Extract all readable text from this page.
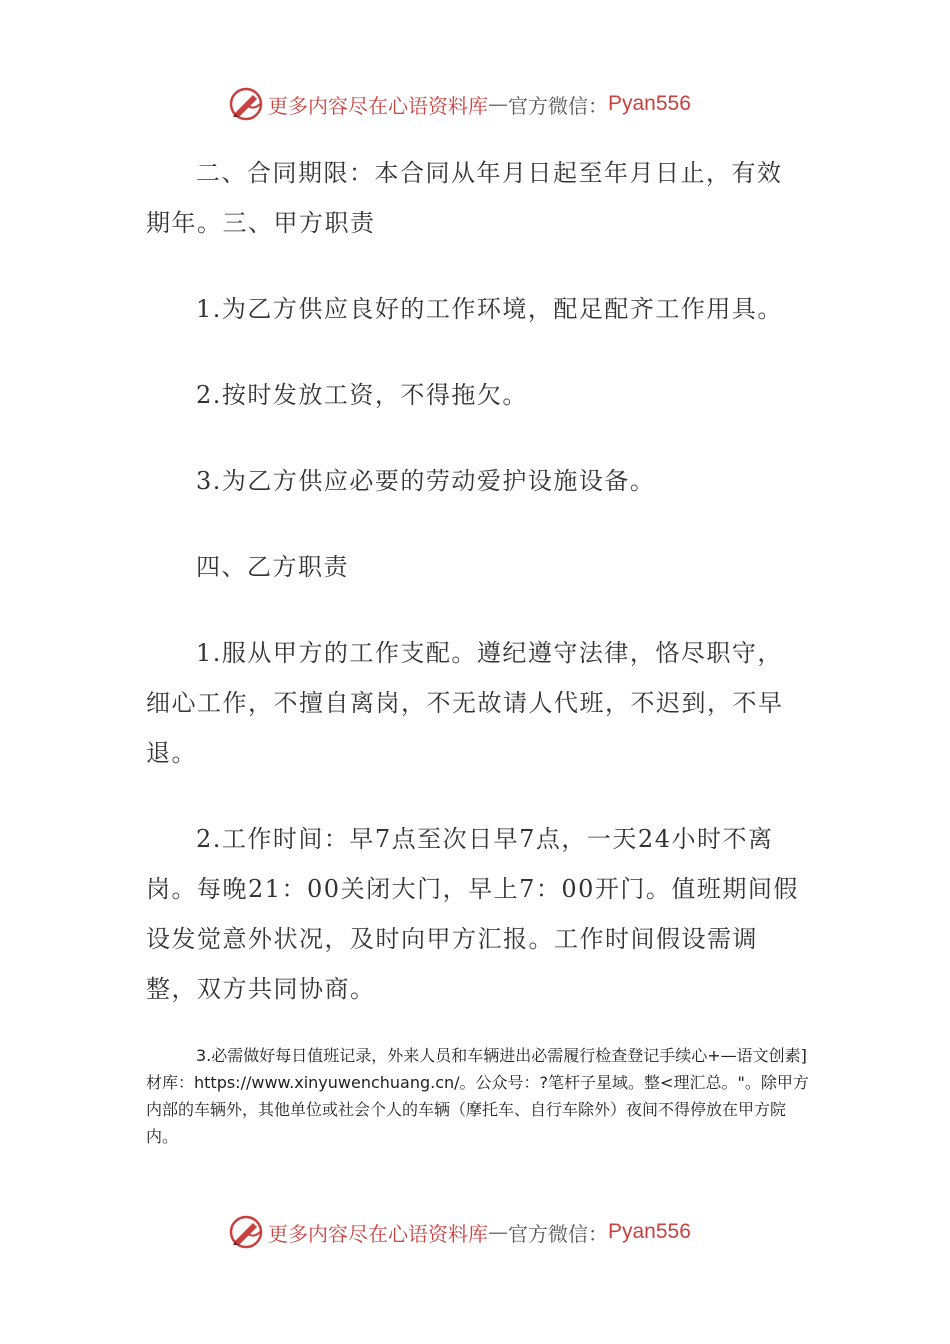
更多内容尽在心语资料库 — 官方微信： Pyan556

二、合同期限：本合同从年月日起至年月日止，有效期年。三、甲方职责

1.为乙方供应良好的工作环境，配足配齐工作用具。

2.按时发放工资，不得拖欠。

3.为乙方供应必要的劳动爱护设施设备。

四、乙方职责

1.服从甲方的工作支配。遵纪遵守法律，恪尽职守，细心工作，不擅自离岗，不无故请人代班，不迟到，不早退。

2.工作时间：早7点至次日早7点，一天24小时不离岗。每晚21：00关闭大门，早上7：00开门。值班期间假设发觉意外状况，及时向甲方汇报。工作时间假设需调整，双方共同协商。

3.必需做好每日值班记录，外来人员和车辆进出必需履行检查登记手续心+—语文创素]材库：https://www.xinyuwenchuang.cn/。公众号：?笔杆子星域。整<理汇总。"。除甲方内部的车辆外，其他单位或社会个人的车辆（摩托车、自行车除外）夜间不得停放在甲方院内。
更多内容尽在心语资料库 — 官方微信： Pyan556
